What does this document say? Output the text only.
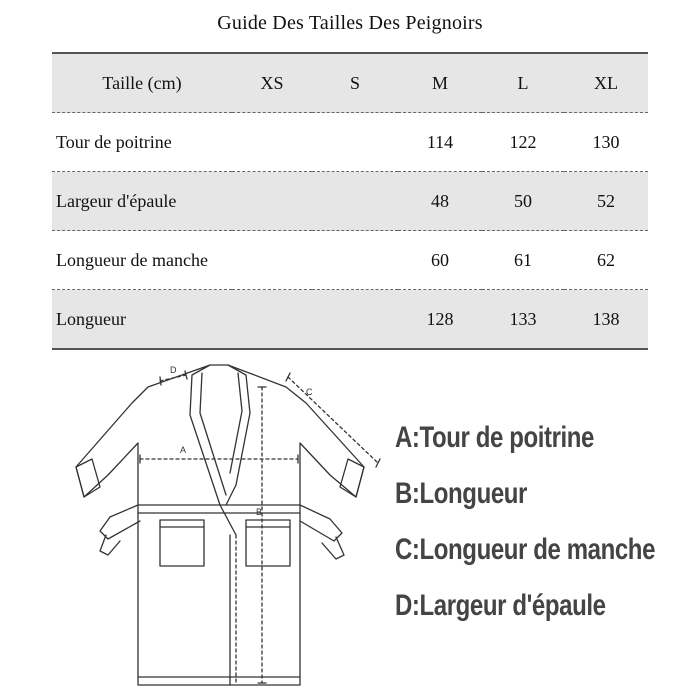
Guide Des Tailles Des Peignoirs
Taille (cm)	XS	S	M	L	XL
Tour de poitrine			114	122	130
Largeur d'épaule			48	50	52
Longueur de manche			60	61	62
Longueur			128	133	138
A
B
C
D
A:Tour de poitrine
B:Longueur
C:Longueur de manche
D:Largeur d'épaule
